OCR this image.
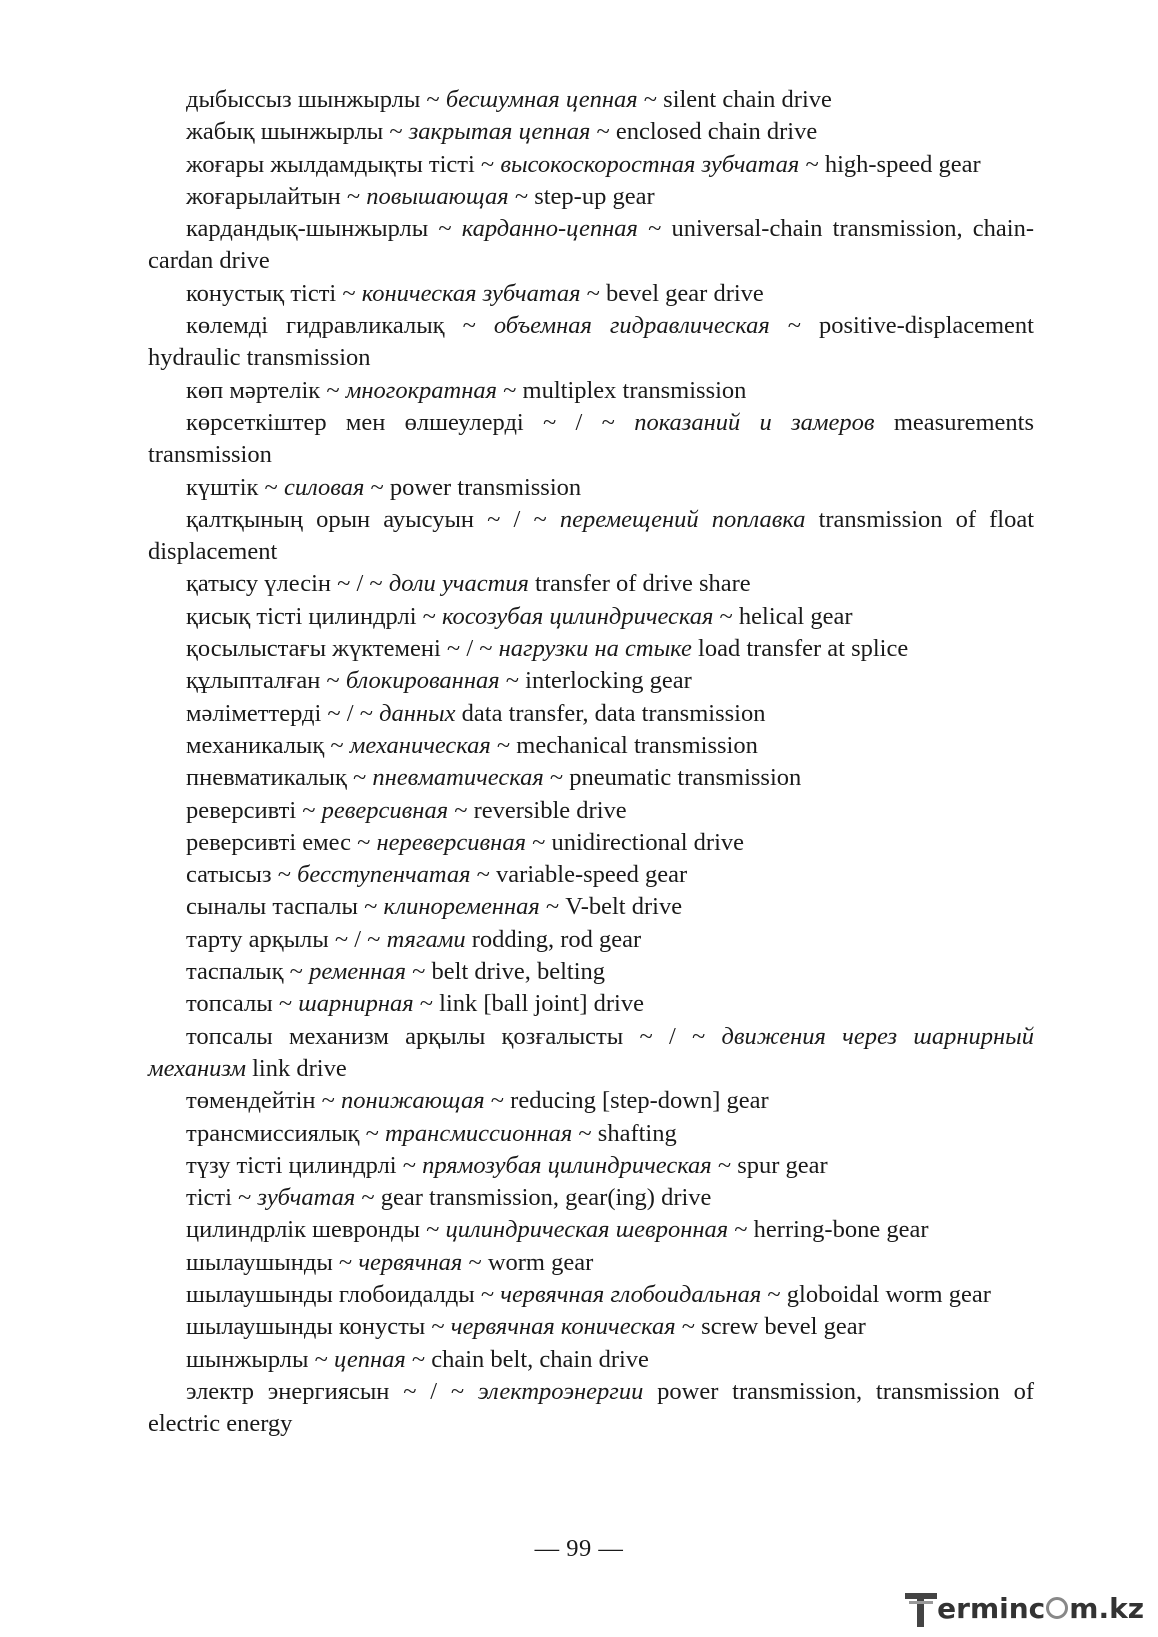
дыбыссыз шынжырлы ~ бесшумная цепная ~ silent chain drive

жабық шынжырлы ~ закрытая цепная ~ enclosed chain drive

жоғары жылдамдықты тісті ~ высокоскоростная зубчатая ~ high-speed gear

жоғарылайтын ~ повышающая ~ step-up gear

кардандық-шынжырлы ~ карданно-цепная ~ universal-chain transmission, chain-cardan drive

конустық тісті ~ коническая зубчатая ~ bevel gear drive

көлемді гидравликалық ~ объемная гидравлическая ~ positive-displacement hydraulic transmission

көп мәртелік ~ многократная ~ multiplex transmission

көрсеткіштер мен өлшеулерді ~ / ~ показаний и замеров measurements transmission

күштік ~ силовая ~ power transmission

қалтқының орын ауысуын ~ / ~ перемещений поплавка transmission of float displacement

қатысу үлесін ~ / ~ доли участия transfer of drive share

қисық тісті цилиндрлі ~ косозубая цилиндрическая ~ helical gear

қосылыстағы жүктемені ~ / ~ нагрузки на стыке load transfer at splice

құлыпталған ~ блокированная ~ interlocking gear

мәліметтерді ~ / ~ данных data transfer, data transmission

механикалық ~ механическая ~ mechanical transmission

пневматикалық ~ пневматическая ~ pneumatic transmission

реверсивті ~ реверсивная ~ reversible drive

реверсивті емес ~ нереверсивная ~ unidirectional drive

сатысыз ~ бесступенчатая ~ variable-speed gear

сыналы таспалы ~ клиноременная ~ V-belt drive

тарту арқылы ~ / ~ тягами rodding, rod gear

таспалық ~ ременная ~ belt drive, belting

топсалы ~ шарнирная ~ link [ball joint] drive

топсалы механизм арқылы қозғалысты ~ / ~ движения через шарнирный механизм link drive

төмендейтін ~ понижающая ~ reducing [step-down] gear

трансмиссиялық ~ трансмиссионная ~ shafting

түзу тісті цилиндрлі ~ прямозубая цилиндрическая ~ spur gear

тісті ~ зубчатая ~ gear transmission, gear(ing) drive

цилиндрлік шевронды ~ цилиндрическая шевронная ~ herring-bone gear

шылаушынды ~ червячная ~ worm gear

шылаушынды глобоидалды ~ червячная глобоидальная ~ globoidal worm gear

шылаушынды конусты ~ червячная коническая ~ screw bevel gear

шынжырлы ~ цепная ~ chain belt, chain drive

электр энергиясын ~ / ~ электроэнергии power transmission, transmission of electric energy

— 99 —
erminc m.kz
